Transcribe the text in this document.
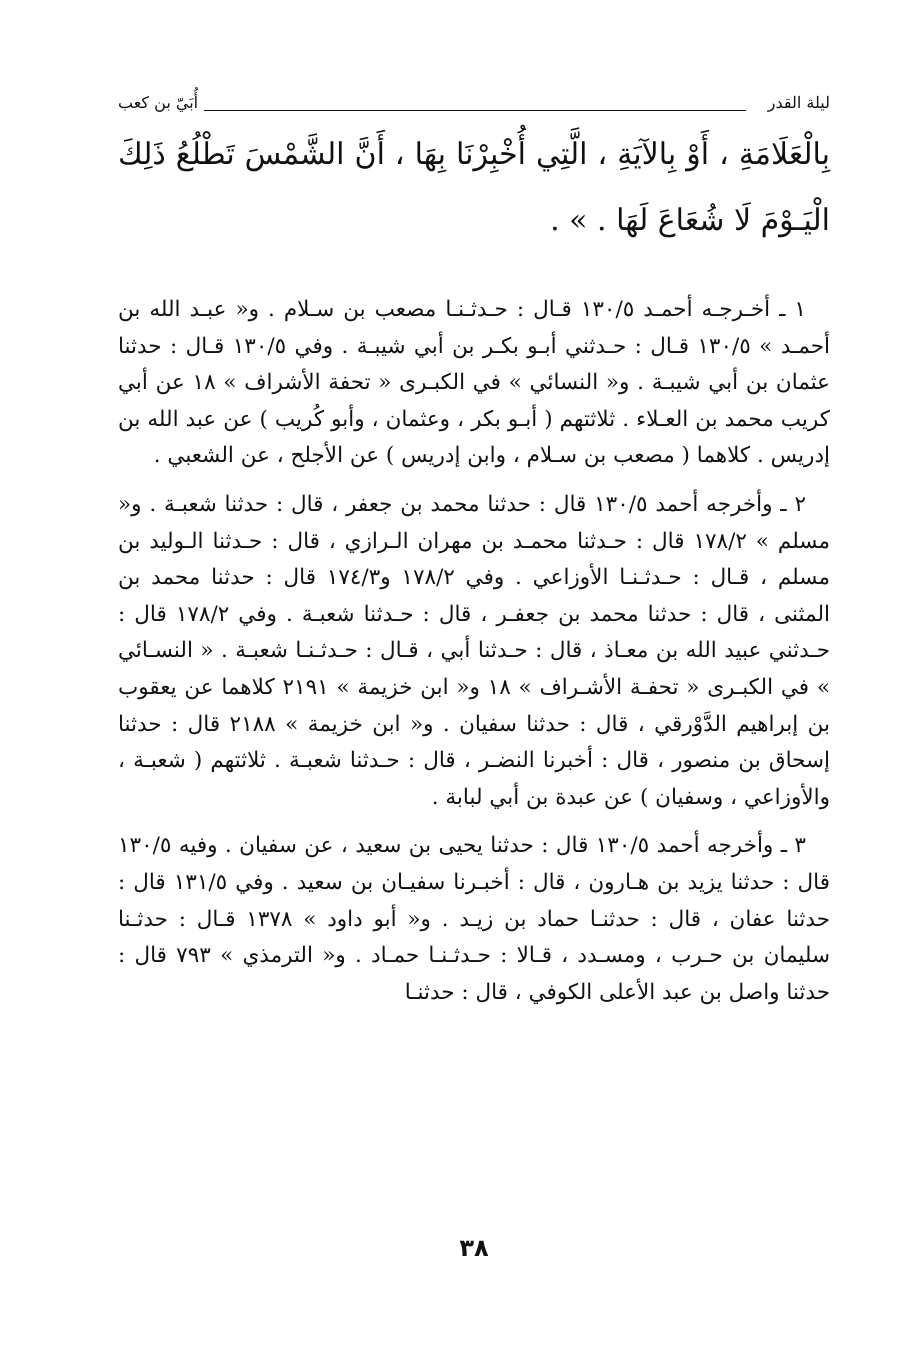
ليلة القدر
أُبَيّ بن كعب
بِالْعَلَامَةِ ، أَوْ بِالآيَةِ ، الَّتِي أُخْبِرْنَا بِهَا ، أَنَّ الشَّمْسَ تَطْلُعُ ذَلِكَ الْيَـوْمَ لَا شُعَاعَ لَهَا . » .

١ ـ أخـرجـه أحمـد ١٣٠/٥ قـال : حـدثـنـا مصعب بن سـلام . و« عبـد الله بن أحمـد » ١٣٠/٥ قـال : حـدثني أبـو بكـر بن أبي شيبـة . وفي ١٣٠/٥ قـال : حدثنا عثمان بن أبي شيبـة . و« النسائي » في الكبـرى « تحفة الأشراف » ١٨ عن أبي كريب محمد بن العـلاء . ثلاثتهم ( أبـو بكر ، وعثمان ، وأبو كُريب ) عن عبد الله بن إدريس . كلاهما ( مصعب بن سـلام ، وابن إدريس ) عن الأجلح ، عن الشعبي .

٢ ـ وأخرجه أحمد ١٣٠/٥ قال : حدثنا محمد بن جعفر ، قال : حدثنا شعبـة . و« مسلم » ١٧٨/٢ قال : حـدثنا محمـد بن مهران الـرازي ، قال : حـدثنا الـوليد بن مسلم ، قـال : حـدثـنـا الأوزاعي . وفي ١٧٨/٢ و١٧٤/٣ قال : حدثنا محمد بن المثنى ، قال : حدثنا محمد بن جعفـر ، قال : حـدثنا شعبـة . وفي ١٧٨/٢ قال : حـدثني عبيد الله بن معـاذ ، قال : حـدثنا أبي ، قـال : حـدثـنـا شعبـة . « النسـائي » في الكبـرى « تحفـة الأشـراف » ١٨ و« ابن خزيمة » ٢١٩١ كلاهما عن يعقوب بن إبراهيم الدَّوْرقي ، قال : حدثنا سفيان . و« ابن خزيمة » ٢١٨٨ قال : حدثنا إسحاق بن منصور ، قال : أخبرنا النضـر ، قال : حـدثنا شعبـة . ثلاثتهم ( شعبـة ، والأوزاعي ، وسفيان ) عن عبدة بن أبي لبابة .

٣ ـ وأخرجه أحمد ١٣٠/٥ قال : حدثنا يحيى بن سعيد ، عن سفيان . وفيه ١٣٠/٥ قال : حدثنا يزيد بن هـارون ، قال : أخبـرنا سفيـان بن سعيد . وفي ١٣١/٥ قال : حدثنا عفان ، قال : حدثنـا حماد بن زيـد . و« أبو داود » ١٣٧٨ قـال : حدثـنا سليمان بن حـرب ، ومسـدد ، قـالا : حـدثـنـا حمـاد . و« الترمذي » ٧٩٣ قال : حدثنا واصل بن عبد الأعلى الكوفي ، قال : حدثنـا

٣٨
